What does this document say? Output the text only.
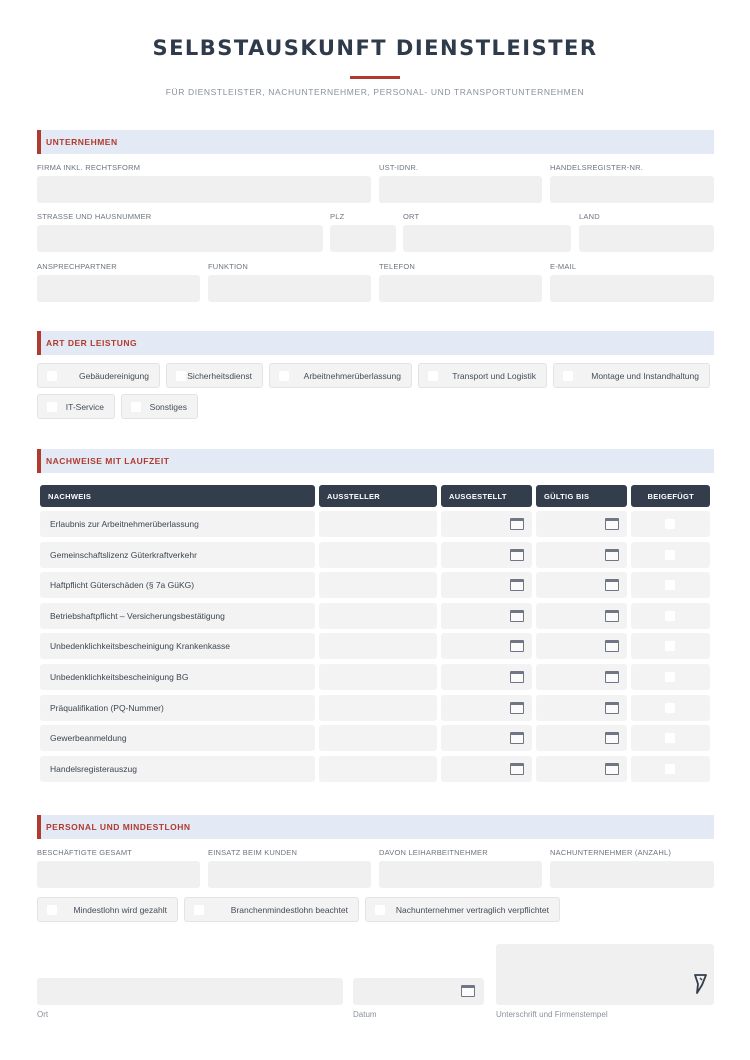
SELBSTAUSKUNFT DIENSTLEISTER
FÜR DIENSTLEISTER, NACHUNTERNEHMER, PERSONAL- UND TRANSPORTUNTERNEHMEN
UNTERNEHMEN
FIRMA INKL. RECHTSFORM	UST-IDNR.	HANDELSREGISTER-NR.
STRASSE UND HAUSNUMMER	PLZ	ORT	LAND
ANSPRECHPARTNER	FUNKTION	TELEFON	E-MAIL
ART DER LEISTUNG
Gebäudereinigung	Sicherheitsdienst	Arbeitnehmerüberlassung	Transport und Logistik	Montage und Instandhaltung
IT-Service	Sonstiges
NACHWEISE MIT LAUFZEIT
NACHWEIS	AUSSTELLER	AUSGESTELLT	GÜLTIG BIS	BEIGEFÜGT
Erlaubnis zur Arbeitnehmerüberlassung
Gemeinschaftslizenz Güterkraftverkehr
Haftpflicht Güterschäden (§ 7a GüKG)
Betriebshaftpflicht – Versicherungsbestätigung
Unbedenklichkeitsbescheinigung Krankenkasse
Unbedenklichkeitsbescheinigung BG
Präqualifikation (PQ-Nummer)
Gewerbeanmeldung
Handelsregisterauszug
PERSONAL UND MINDESTLOHN
BESCHÄFTIGTE GESAMT	EINSATZ BEIM KUNDEN	DAVON LEIHARBEITNEHMER	NACHUNTERNEHMER (ANZAHL)
Mindestlohn wird gezahlt	Branchenmindestlohn beachtet	Nachunternehmer vertraglich verpflichtet
Ort	Datum	Unterschrift und Firmenstempel
